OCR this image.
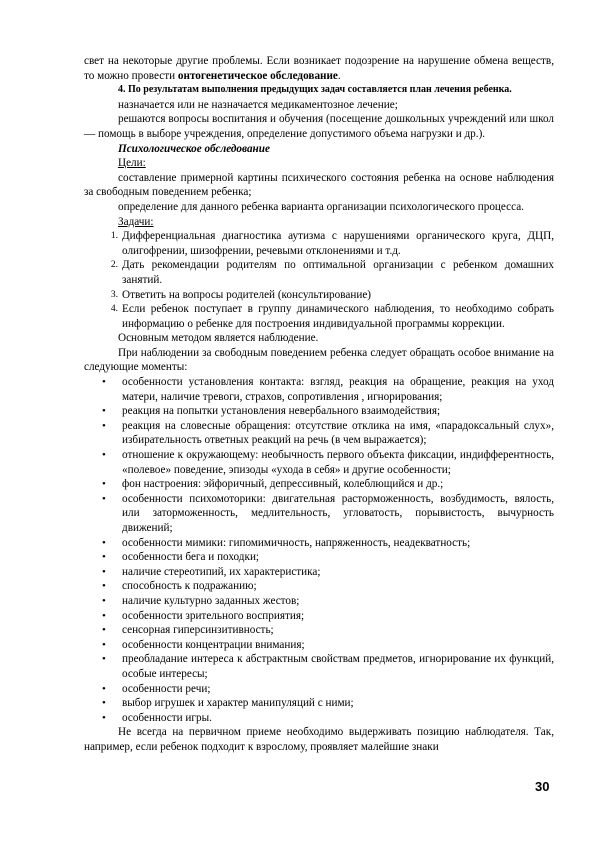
свет на некоторые другие проблемы. Если возникает подозрение на нарушение обмена веществ, то можно провести онтогенетическое обследование.

4. По результатам выполнения предыдущих задач составляется план лечения ребенка.

назначается или не назначается медикаментозное лечение;

решаются вопросы воспитания и обучения (посещение дошкольных учреждений или школ — помощь в выборе учреждения, определение допустимого объема нагрузки и др.).

Психологическое обследование

Цели:

составление примерной картины психического состояния ребенка на основе наблюдения за свободным поведением ребенка;

определение для данного ребенка варианта организации психологического процесса.

Задачи:

1. Дифференциальная диагностика аутизма с нарушениями органического круга, ДЦП, олигофрении, шизофрении, речевыми отклонениями и т.д.
2. Дать рекомендации родителям по оптимальной организации с ребенком домашних занятий.
3. Ответить на вопросы родителей (консультирование)
4. Если ребенок поступает в группу динамического наблюдения, то необходимо собрать информацию о ребенке для построения индивидуальной программы коррекции.

Основным методом является наблюдение.

При наблюдении за свободным поведением ребенка следует обращать особое внимание на следующие моменты:

• особенности установления контакта: взгляд, реакция на обращение, реакция на уход матери, наличие тревоги, страхов, сопротивления , игнорирования;
• реакция на попытки установления невербального взаимодействия;
• реакция на словесные обращения: отсутствие отклика на имя, «парадоксальный слух», избирательность ответных реакций на речь (в чем выражается);
• отношение к окружающему: необычность первого объекта фиксации, индифферентность, «полевое» поведение, эпизоды «ухода в себя» и другие особенности;
• фон настроения: эйфоричный, депрессивный, колеблющийся и др.;
• особенности психомоторики: двигательная расторможенность, возбудимость, вялость, или заторможенность, медлительность, угловатость, порывистость, вычурность движений;
• особенности мимики: гипомимичность, напряженность, неадекватность;
• особенности бега и походки;
• наличие стереотипий, их характеристика;
• способность к подражанию;
• наличие культурно заданных жестов;
• особенности зрительного восприятия;
• сенсорная гиперсинзитивность;
• особенности концентрации внимания;
• преобладание интереса к абстрактным свойствам предметов, игнорирование их функций, особые интересы;
• особенности речи;
• выбор игрушек и характер манипуляций с ними;
• особенности игры.

Не всегда на первичном приеме необходимо выдерживать позицию наблюдателя. Так, например, если ребенок подходит к взрослому, проявляет малейшие знаки

30
